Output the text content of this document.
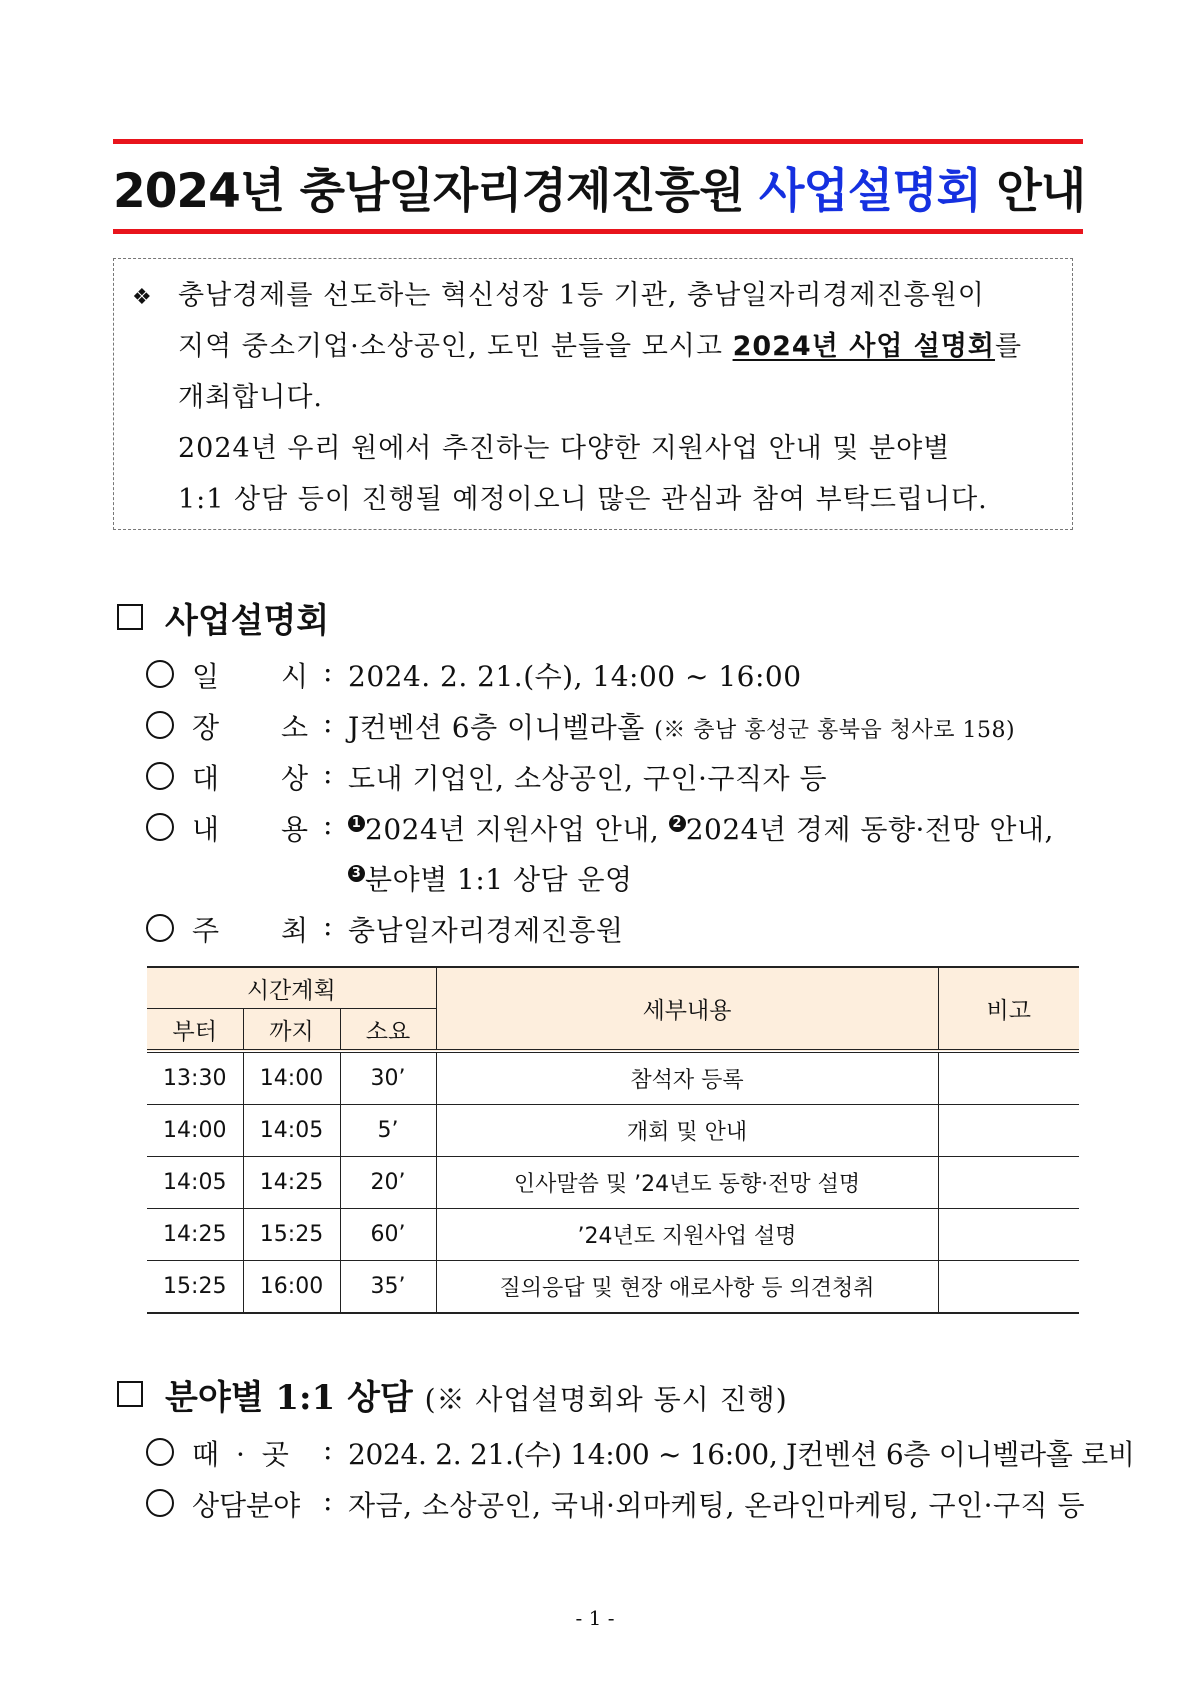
2024년 충남일자리경제진흥원 사업설명회 안내
❖ 충남경제를 선도하는 혁신성장 1등 기관, 충남일자리경제진흥원이
지역 중소기업·소상공인, 도민 분들을 모시고 2024년 사업 설명회를
개최합니다.
2024년 우리 원에서 추진하는 다양한 지원사업 안내 및 분야별
1:1 상담 등이 진행될 예정이오니 많은 관심과 참여 부탁드립니다.
사업설명회
일 시 : 2024. 2. 21.(수), 14:00 ~ 16:00
장 소 : J컨벤션 6층 이니벨라홀 (※ 충남 홍성군 홍북읍 청사로 158)
대 상 : 도내 기업인, 소상공인, 구인·구직자 등
내 용 : 1 2024년 지원사업 안내, 2 2024년 경제 동향·전망 안내,
3 분야별 1:1 상담 운영
주 최 : 충남일자리경제진흥원
시간계획			세부내용	비고
부터	까지	소요		
13:30	14:00	30’	참석자 등록	
14:00	14:05	5’	개회 및 안내	
14:05	14:25	20’	인사말씀 및 ’24년도 동향·전망 설명	
14:25	15:25	60’	’24년도 지원사업 설명	
15:25	16:00	35’	질의응답 및 현장 애로사항 등 의견청취	
분야별 1:1 상담 (※ 사업설명회와 동시 진행)
때 · 곳 : 2024. 2. 21.(수) 14:00 ~ 16:00, J컨벤션 6층 이니벨라홀 로비
상담분야 : 자금, 소상공인, 국내·외마케팅, 온라인마케팅, 구인·구직 등
- 1 -
